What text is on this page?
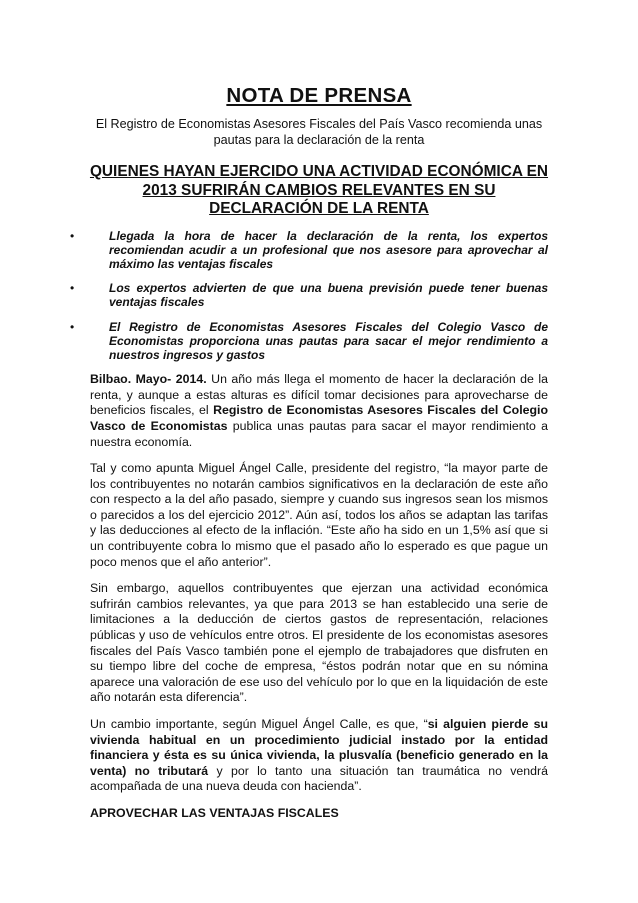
NOTA DE PRENSA

El Registro de Economistas Asesores Fiscales del País Vasco recomienda unas pautas para la declaración de la renta

QUIENES HAYAN EJERCIDO UNA ACTIVIDAD ECONÓMICA EN 2013 SUFRIRÁN CAMBIOS RELEVANTES EN SU DECLARACIÓN DE LA RENTA
•	Llegada la hora de hacer la declaración de la renta, los expertos recomiendan acudir a un profesional que nos asesore para aprovechar al máximo las ventajas fiscales
•	Los expertos advierten de que una buena previsión puede tener buenas ventajas fiscales
•	El Registro de Economistas Asesores Fiscales del Colegio Vasco de Economistas proporciona unas pautas para sacar el mejor rendimiento a nuestros ingresos y gastos

Bilbao. Mayo- 2014. Un año más llega el momento de hacer la declaración de la renta, y aunque a estas alturas es difícil tomar decisiones para aprovecharse de beneficios fiscales, el Registro de Economistas Asesores Fiscales del Colegio Vasco de Economistas publica unas pautas para sacar el mayor rendimiento a nuestra economía.

Tal y como apunta Miguel Ángel Calle, presidente del registro, “la mayor parte de los contribuyentes no notarán cambios significativos en la declaración de este año con respecto a la del año pasado, siempre y cuando sus ingresos sean los mismos o parecidos a los del ejercicio 2012”. Aún así, todos los años se adaptan las tarifas y las deducciones al efecto de la inflación. “Este año ha sido en un 1,5% así que si un contribuyente cobra lo mismo que el pasado año lo esperado es que pague un poco menos que el año anterior”.

Sin embargo, aquellos contribuyentes que ejerzan una actividad económica sufrirán cambios relevantes, ya que para 2013 se han establecido una serie de limitaciones a la deducción de ciertos gastos de representación, relaciones públicas y uso de vehículos entre otros. El presidente de los economistas asesores fiscales del País Vasco también pone el ejemplo de trabajadores que disfruten en su tiempo libre del coche de empresa, “éstos podrán notar que en su nómina aparece una valoración de ese uso del vehículo por lo que en la liquidación de este año notarán esta diferencia”.

Un cambio importante, según Miguel Ángel Calle, es que, “si alguien pierde su vivienda habitual en un procedimiento judicial instado por la entidad financiera y ésta es su única vivienda, la plusvalía (beneficio generado en la venta) no tributará y por lo tanto una situación tan traumática no vendrá acompañada de una nueva deuda con hacienda”.

APROVECHAR LAS VENTAJAS FISCALES
